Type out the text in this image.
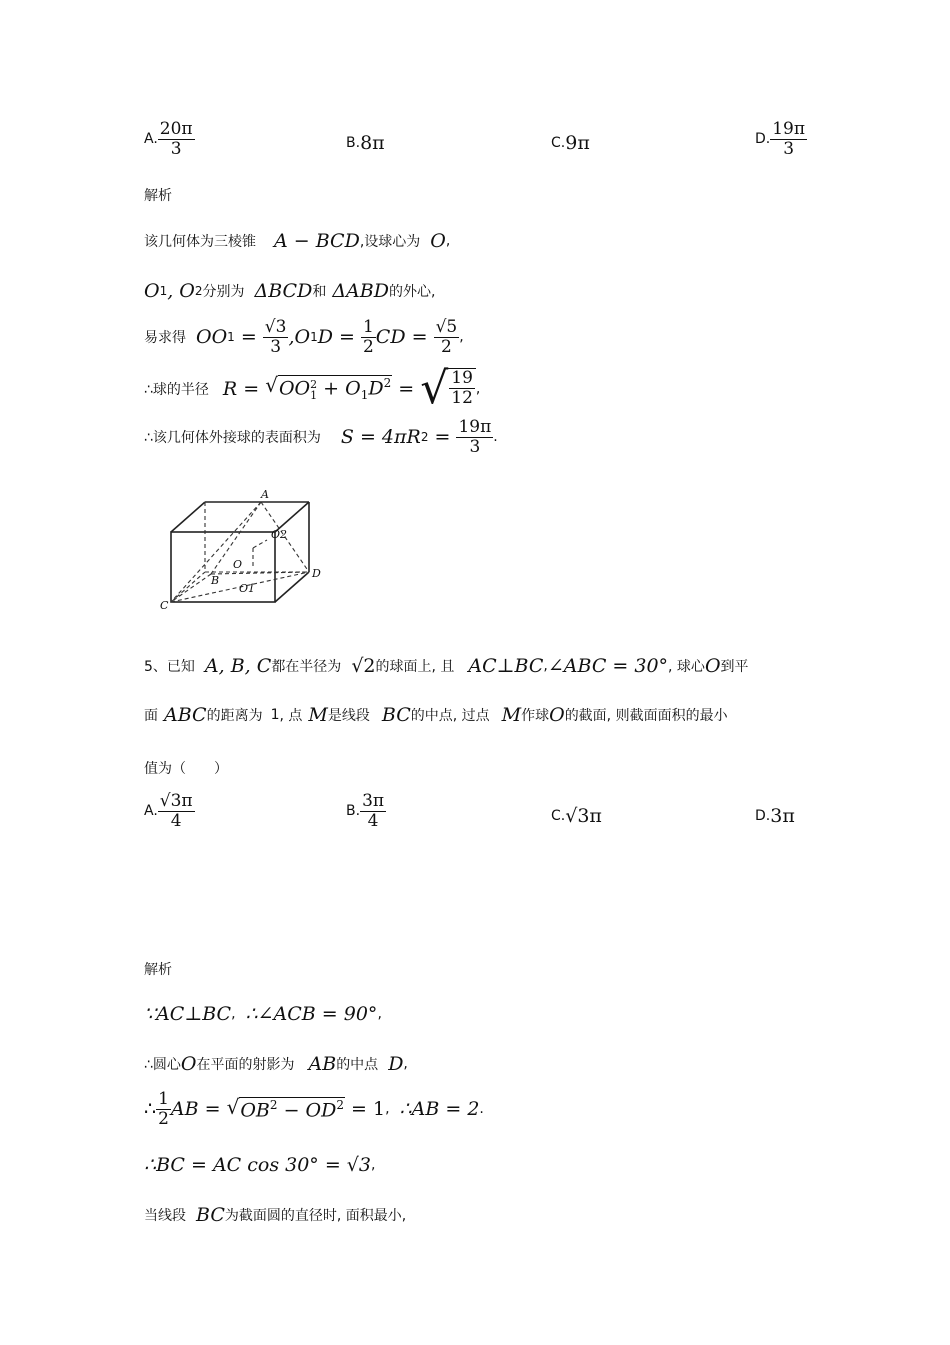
A. $\frac{20\pi}{3}$	B. 8π	C. 9π	D. $\frac{19\pi}{3}$
解析
该几何体为三棱锥 A − BCD ,设球心为 O ,
O 1 , O 2 分别为 ΔBCD 和 ΔABD 的外心,
易求得 OO $1 = \frac{√3}{3} ,O$ 1 $D = \frac{1}{2}$ CD = $\frac{√5}{2}$ ,
∴球的半径 R = √ OO 2
$1 + O_1D^2$ = √ $\frac{19}{12}$ ,
∴该几何体外接球的表面积为 S = 4πR $2 = \frac{19\pi}{3}$ .
A
O2
O1
O
B
D
C
5、已知 A, B, C 都在半径为 √2 的球面上, 且 AC⊥BC , ∠ABC = 30° , 球心 O 到平
面 ABC 的距离为 1 , 点 M 是线段 BC 的中点, 过点 M 作球 O 的截面, 则截面面积的最小
值为（　　）
A. $\frac{√3\pi}{4}$	B. $\frac{3\pi}{4}$	C. √3π	D. 3π
解析
∵AC⊥BC , ∴∠ACB = 90° ,
∴圆心 O 在平面的射影为 AB 的中点 D ,
∴ $\frac{1}{2}$ AB = √ $OB^2 - OD^2 = 1$ , ∴AB = 2 .
∴BC = AC cos 30° = √3 ,
当线段 BC 为截面圆的直径时, 面积最小,
